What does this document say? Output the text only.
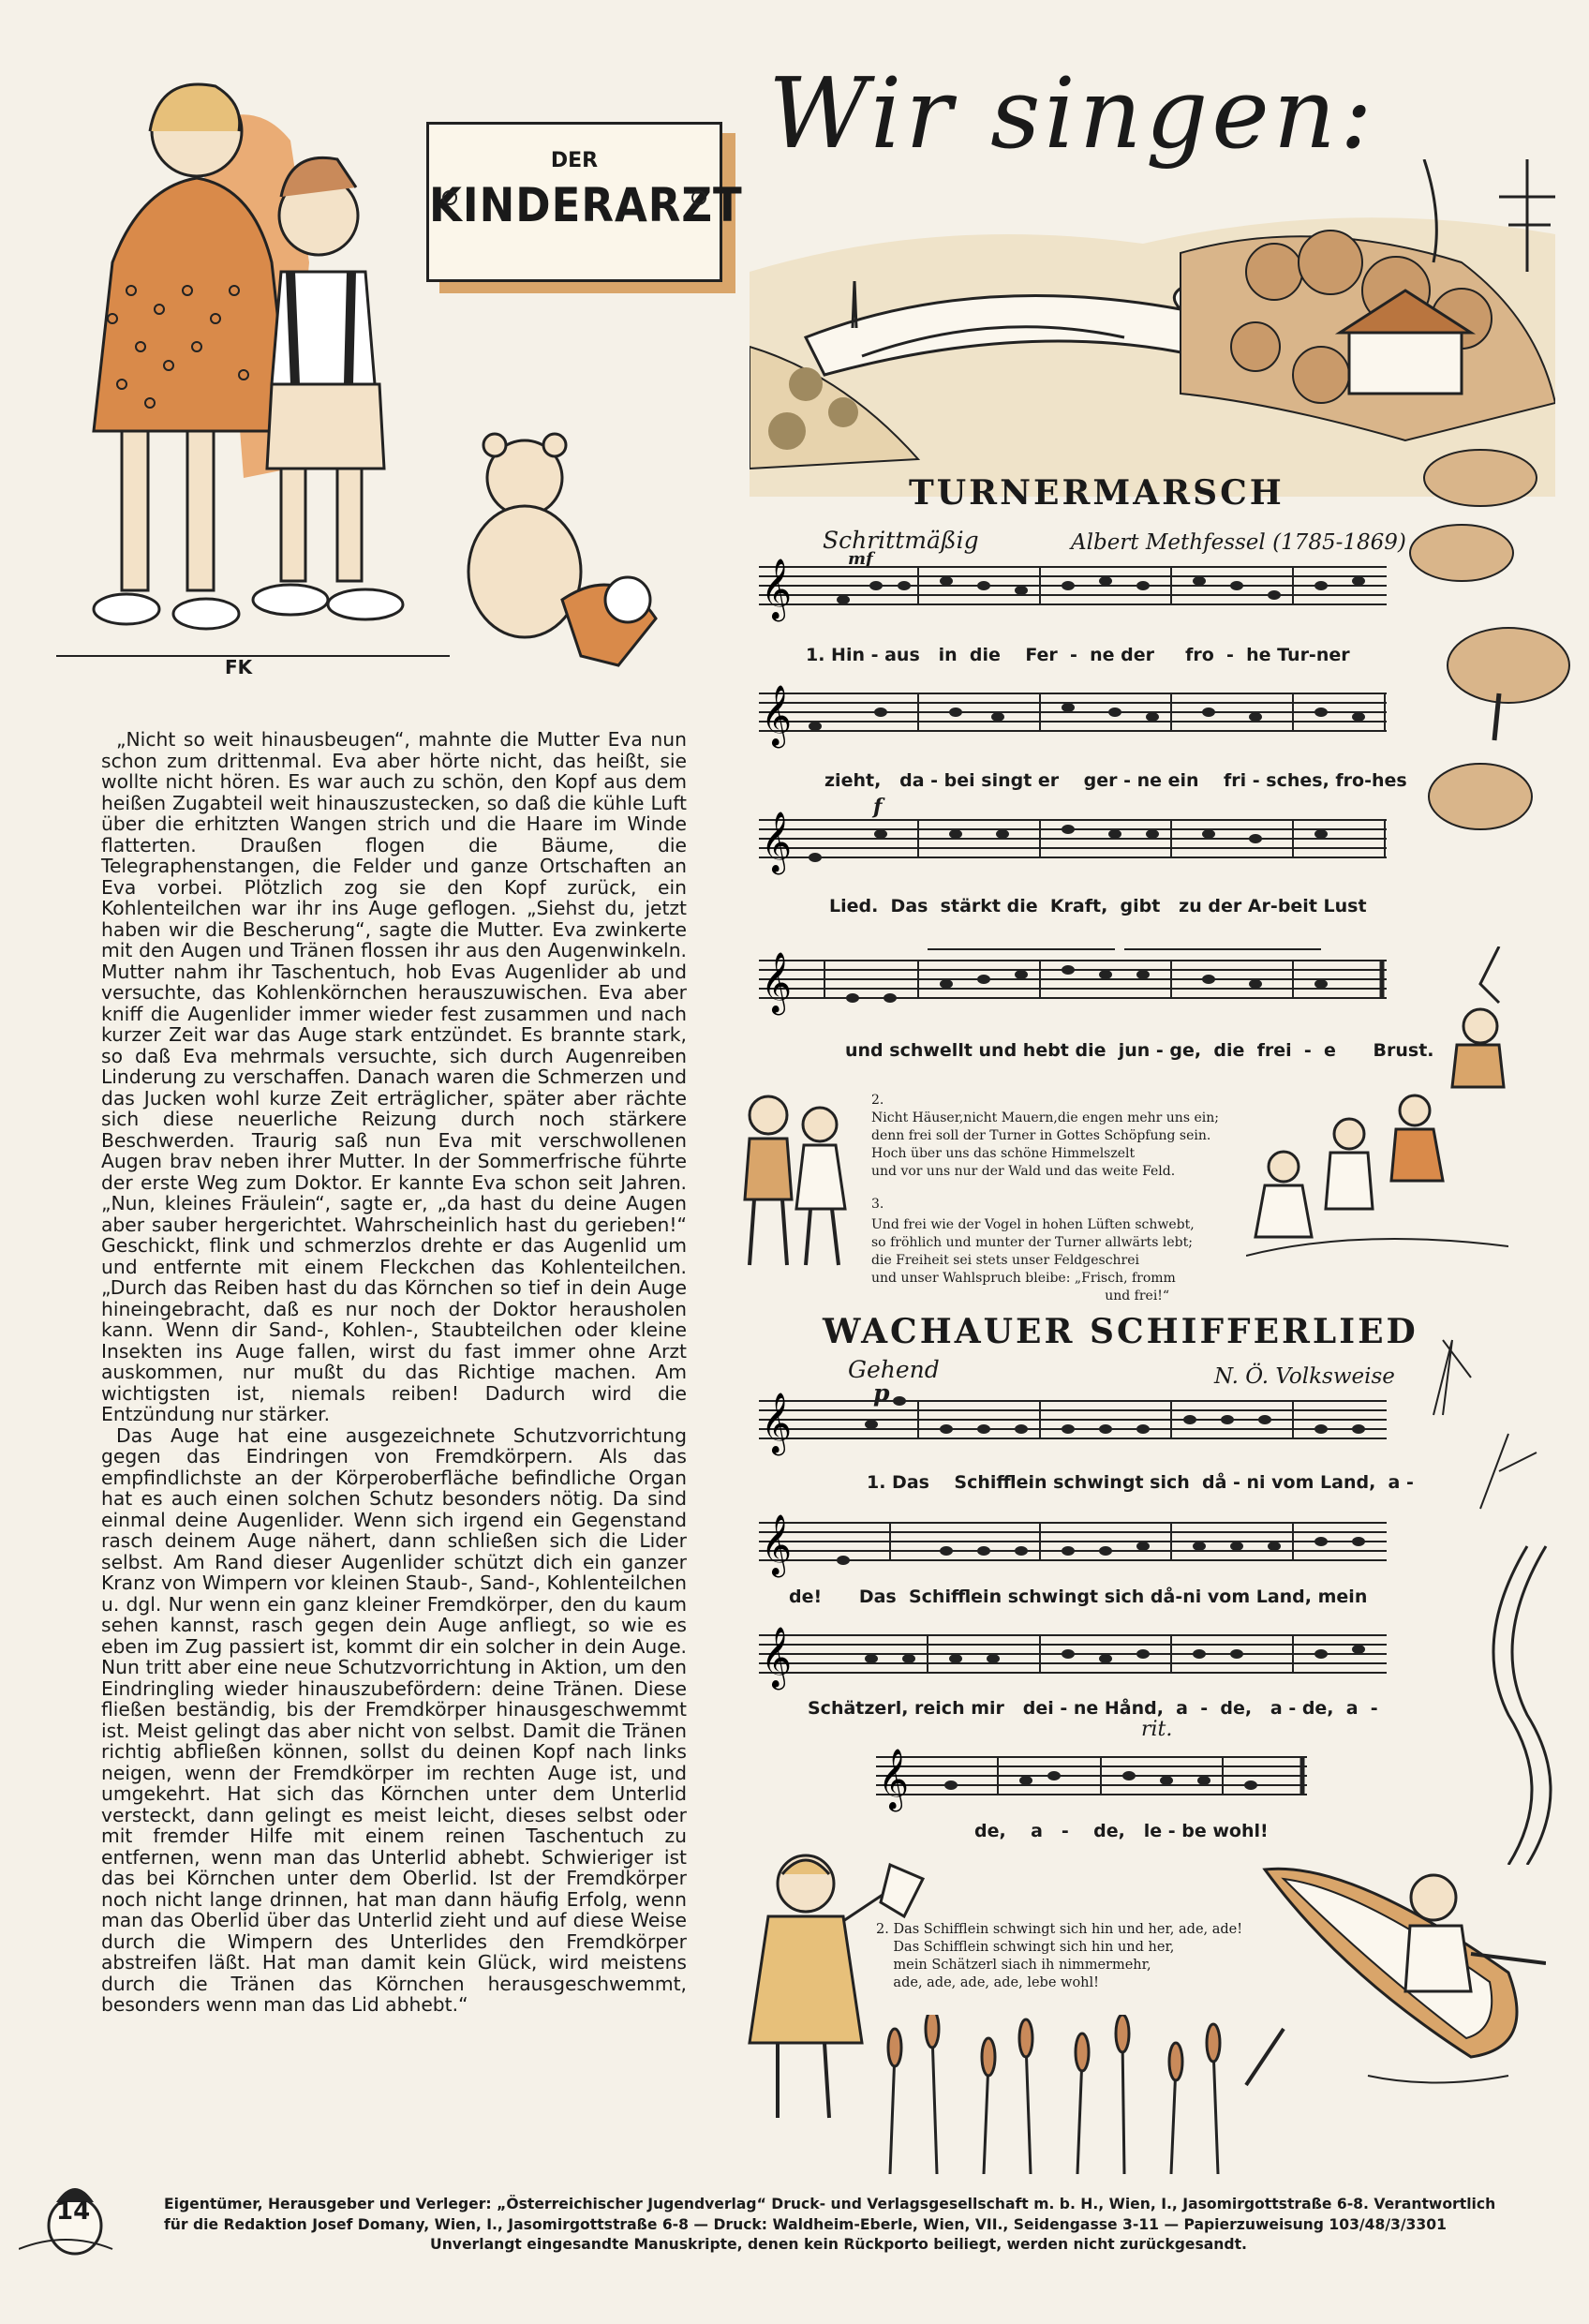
DER
KINDERARZT
FK

„Nicht so weit hinausbeugen“, mahnte die Mutter Eva nun schon zum drittenmal. Eva aber hörte nicht, das heißt, sie wollte nicht hören. Es war auch zu schön, den Kopf aus dem heißen Zugabteil weit hinauszustecken, so daß die kühle Luft über die erhitzten Wangen strich und die Haare im Winde flatterten. Draußen flogen die Bäume, die Telegraphenstangen, die Felder und ganze Ortschaften an Eva vorbei. Plötzlich zog sie den Kopf zurück, ein Kohlenteilchen war ihr ins Auge geflogen. „Siehst du, jetzt haben wir die Bescherung“, sagte die Mutter. Eva zwinkerte mit den Augen und Tränen flossen ihr aus den Augenwinkeln. Mutter nahm ihr Taschentuch, hob Evas Augenlider ab und versuchte, das Kohlenkörnchen herauszuwischen. Eva aber kniff die Augenlider immer wieder fest zusammen und nach kurzer Zeit war das Auge stark entzündet. Es brannte stark, so daß Eva mehrmals versuchte, sich durch Augenreiben Linderung zu verschaffen. Danach waren die Schmerzen und das Jucken wohl kurze Zeit erträglicher, später aber rächte sich diese neuerliche Reizung durch noch stärkere Beschwerden. Traurig saß nun Eva mit verschwollenen Augen brav neben ihrer Mutter. In der Sommerfrische führte der erste Weg zum Doktor. Er kannte Eva schon seit Jahren. „Nun, kleines Fräulein“, sagte er, „da hast du deine Augen aber sauber hergerichtet. Wahrscheinlich hast du gerieben!“ Geschickt, flink und schmerzlos drehte er das Augenlid um und entfernte mit einem Fleckchen das Kohlenteilchen. „Durch das Reiben hast du das Körnchen so tief in dein Auge hineingebracht, daß es nur noch der Doktor herausholen kann. Wenn dir Sand-, Kohlen-, Staubteilchen oder kleine Insekten ins Auge fallen, wirst du fast immer ohne Arzt auskommen, nur mußt du das Richtige machen. Am wichtigsten ist, niemals reiben! Dadurch wird die Entzündung nur stärker.

Das Auge hat eine ausgezeichnete Schutzvorrichtung gegen das Eindringen von Fremdkörpern. Als das empfindlichste an der Körperoberfläche befindliche Organ hat es auch einen solchen Schutz besonders nötig. Da sind einmal deine Augenlider. Wenn sich irgend ein Gegenstand rasch deinem Auge nähert, dann schließen sich die Lider selbst. Am Rand dieser Augenlider schützt dich ein ganzer Kranz von Wimpern vor kleinen Staub-, Sand-, Kohlenteilchen u. dgl. Nur wenn ein ganz kleiner Fremdkörper, den du kaum sehen kannst, rasch gegen dein Auge anfliegt, so wie es eben im Zug passiert ist, kommt dir ein solcher in dein Auge. Nun tritt aber eine neue Schutzvorrichtung in Aktion, um den Eindringling wieder hinauszubefördern: deine Tränen. Diese fließen beständig, bis der Fremdkörper hinausgeschwemmt ist. Meist gelingt das aber nicht von selbst. Damit die Tränen richtig abfließen können, sollst du deinen Kopf nach links neigen, wenn der Fremdkörper im rechten Auge ist, und umgekehrt. Hat sich das Körnchen unter dem Unterlid versteckt, dann gelingt es meist leicht, dieses selbst oder mit fremder Hilfe mit einem reinen Taschentuch zu entfernen, wenn man das Unterlid abhebt. Schwieriger ist das bei Körnchen unter dem Oberlid. Ist der Fremdkörper noch nicht lange drinnen, hat man dann häufig Erfolg, wenn man das Oberlid über das Unterlid zieht und auf diese Weise durch die Wimpern des Unterlides den Fremdkörper abstreifen läßt. Hat man damit kein Glück, wird meistens durch die Tränen das Körnchen herausgeschwemmt, besonders wenn man das Lid abhebt.“

Wir singen:
TURNERMARSCH
Schrittmäßig
mf
Albert Methfessel (1785-1869)
𝄞
1. Hin - aus   in  die    Fer  -  ne der     fro  -  he Tur-ner
𝄞
zieht,   da - bei singt er    ger - ne ein    fri - sches, fro-hes
f
𝄞
Lied.  Das  stärkt die  Kraft,  gibt   zu der Ar-beit Lust
𝄞
und schwellt und hebt die  jun - ge,  die  frei  -  e      Brust.
2.
Nicht Häuser,nicht Mauern,die engen mehr uns ein;
denn frei soll der Turner in Gottes Schöpfung sein.
Hoch über uns das schöne Himmelszelt
und vor uns nur der Wald und das weite Feld.
3.
Und frei wie der Vogel in hohen Lüften schwebt,
so fröhlich und munter der Turner allwärts lebt;
die Freiheit sei stets unser Feldgeschrei
und unser Wahlspruch bleibe: „Frisch, fromm
und frei!“
WACHAUER SCHIFFERLIED
Gehend
p
N. Ö. Volksweise
𝄞
1. Das    Schifflein schwingt sich  då - ni vom Land,  a -
𝄞
de!      Das  Schifflein schwingt sich då-ni vom Land, mein
𝄞
Schätzerl, reich mir   dei - ne Hånd,  a  -  de,   a - de,  a  -
rit.
𝄞
de,    a   -    de,   le - be wohl!
2. Das Schifflein schwingt sich hin und her, ade, ade!
Das Schifflein schwingt sich hin und her,
mein Schätzerl siach ih nimmermehr,
ade, ade, ade, ade, lebe wohl!
14	Eigentümer, Herausgeber und Verleger: „Österreichischer Jugendverlag“ Druck- und Verlagsgesellschaft m. b. H., Wien, I., Jasomirgottstraße 6-8. Verantwortlich
für die Redaktion Josef Domany, Wien, I., Jasomirgottstraße 6-8 — Druck: Waldheim-Eberle, Wien, VII., Seidengasse 3-11 — Papierzuweisung 103/48/3/3301
Unverlangt eingesandte Manuskripte, denen kein Rückporto beiliegt, werden nicht zurückgesandt.
